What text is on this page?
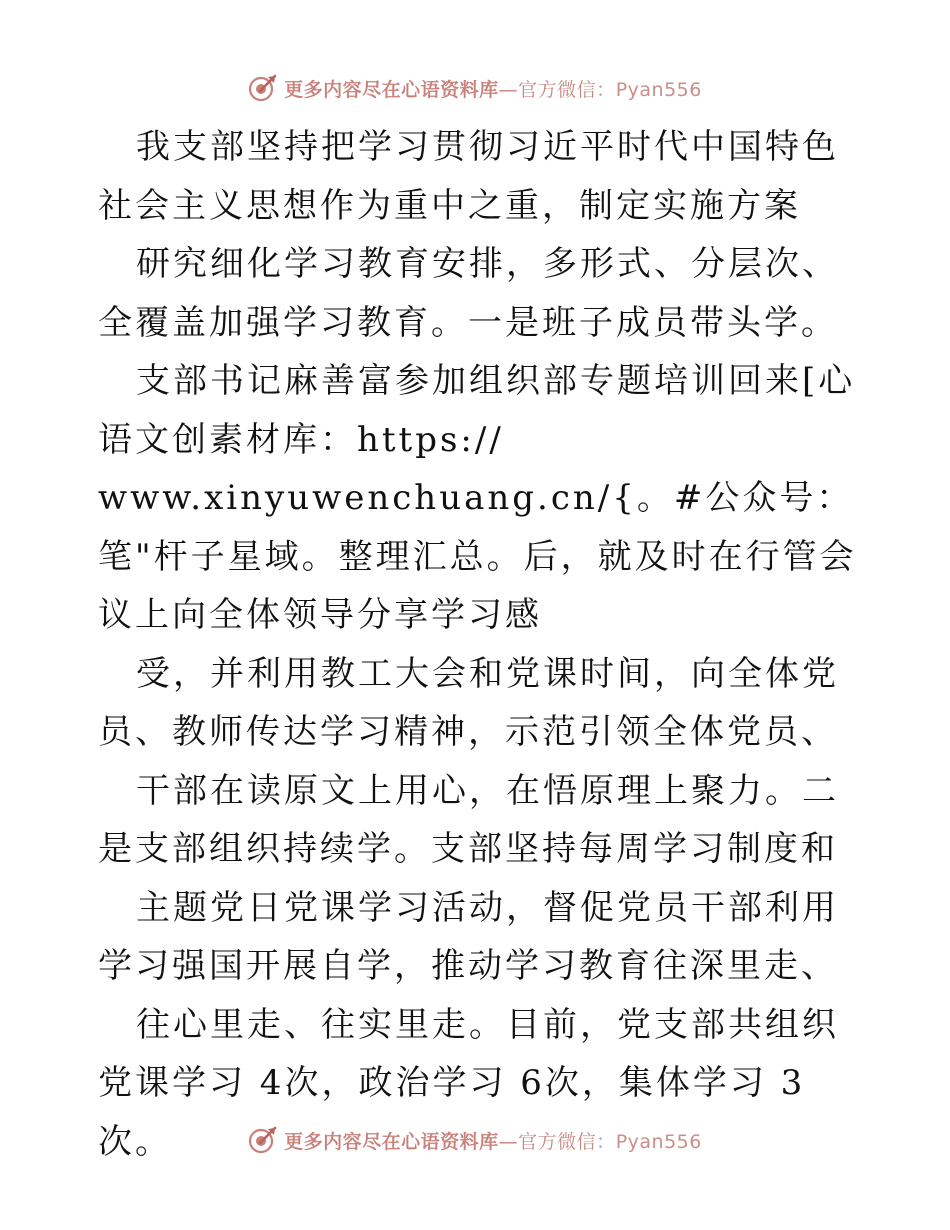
更多内容尽在心语资料库—官方微信：Pyan556

我支部坚持把学习贯彻习近平时代中国特色社会主义思想作为重中之重，制定实施方案

研究细化学习教育安排，多形式、分层次、全覆盖加强学习教育。一是班子成员带头学。

支部书记麻善富参加组织部专题培训回来[心语文创素材库：https://
www.xinyuwenchuang.cn/{。#公众号：笔"杆子星域。整理汇总。后，就及时在行管会议上向全体领导分享学习感

受，并利用教工大会和党课时间，向全体党员、教师传达学习精神，示范引领全体党员、

干部在读原文上用心，在悟原理上聚力。二是支部组织持续学。支部坚持每周学习制度和

主题党日党课学习活动，督促党员干部利用学习强国开展自学，推动学习教育往深里走、

往心里走、往实里走。目前，党支部共组织党课学习 4次，政治学习 6次，集体学习 3次。	更多内容尽在心语资料库—官方微信：Pyan556
